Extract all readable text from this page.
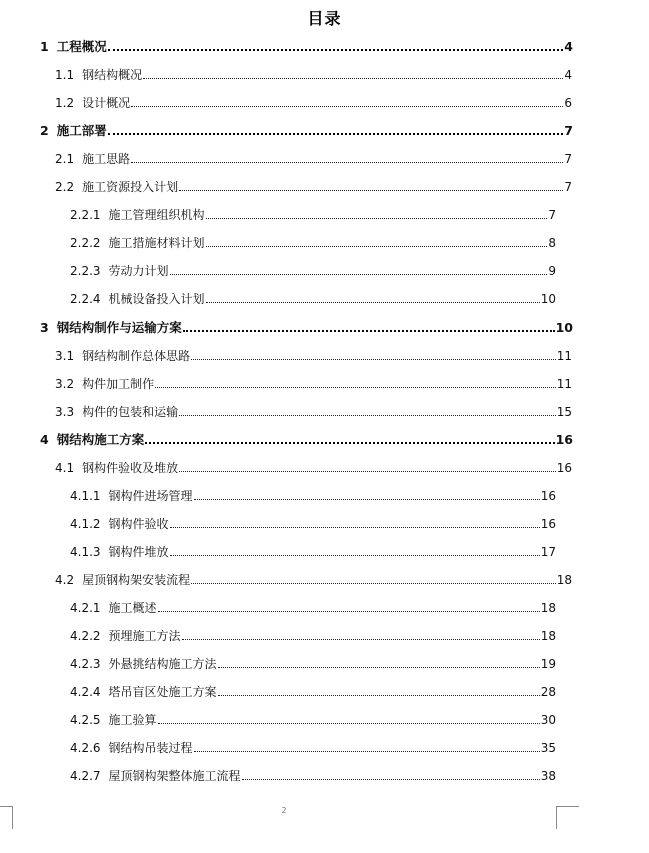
目录
1 工程概况	4
1.1 钢结构概况	4
1.2 设计概况	6
2 施工部署	7
2.1 施工思路	7
2.2 施工资源投入计划	7
2.2.1 施工管理组织机构	7
2.2.2 施工措施材料计划	8
2.2.3 劳动力计划	9
2.2.4 机械设备投入计划	10
3 钢结构制作与运输方案	10
3.1 钢结构制作总体思路	11
3.2 构件加工制作	11
3.3 构件的包装和运输	15
4 钢结构施工方案	16
4.1 钢构件验收及堆放	16
4.1.1 钢构件进场管理	16
4.1.2 钢构件验收	16
4.1.3 钢构件堆放	17
4.2 屋顶钢构架安装流程	18
4.2.1 施工概述	18
4.2.2 预埋施工方法	18
4.2.3 外悬挑结构施工方法	19
4.2.4 塔吊盲区处施工方案	28
4.2.5 施工验算	30
4.2.6 钢结构吊装过程	35
4.2.7 屋顶钢构架整体施工流程	38
2
